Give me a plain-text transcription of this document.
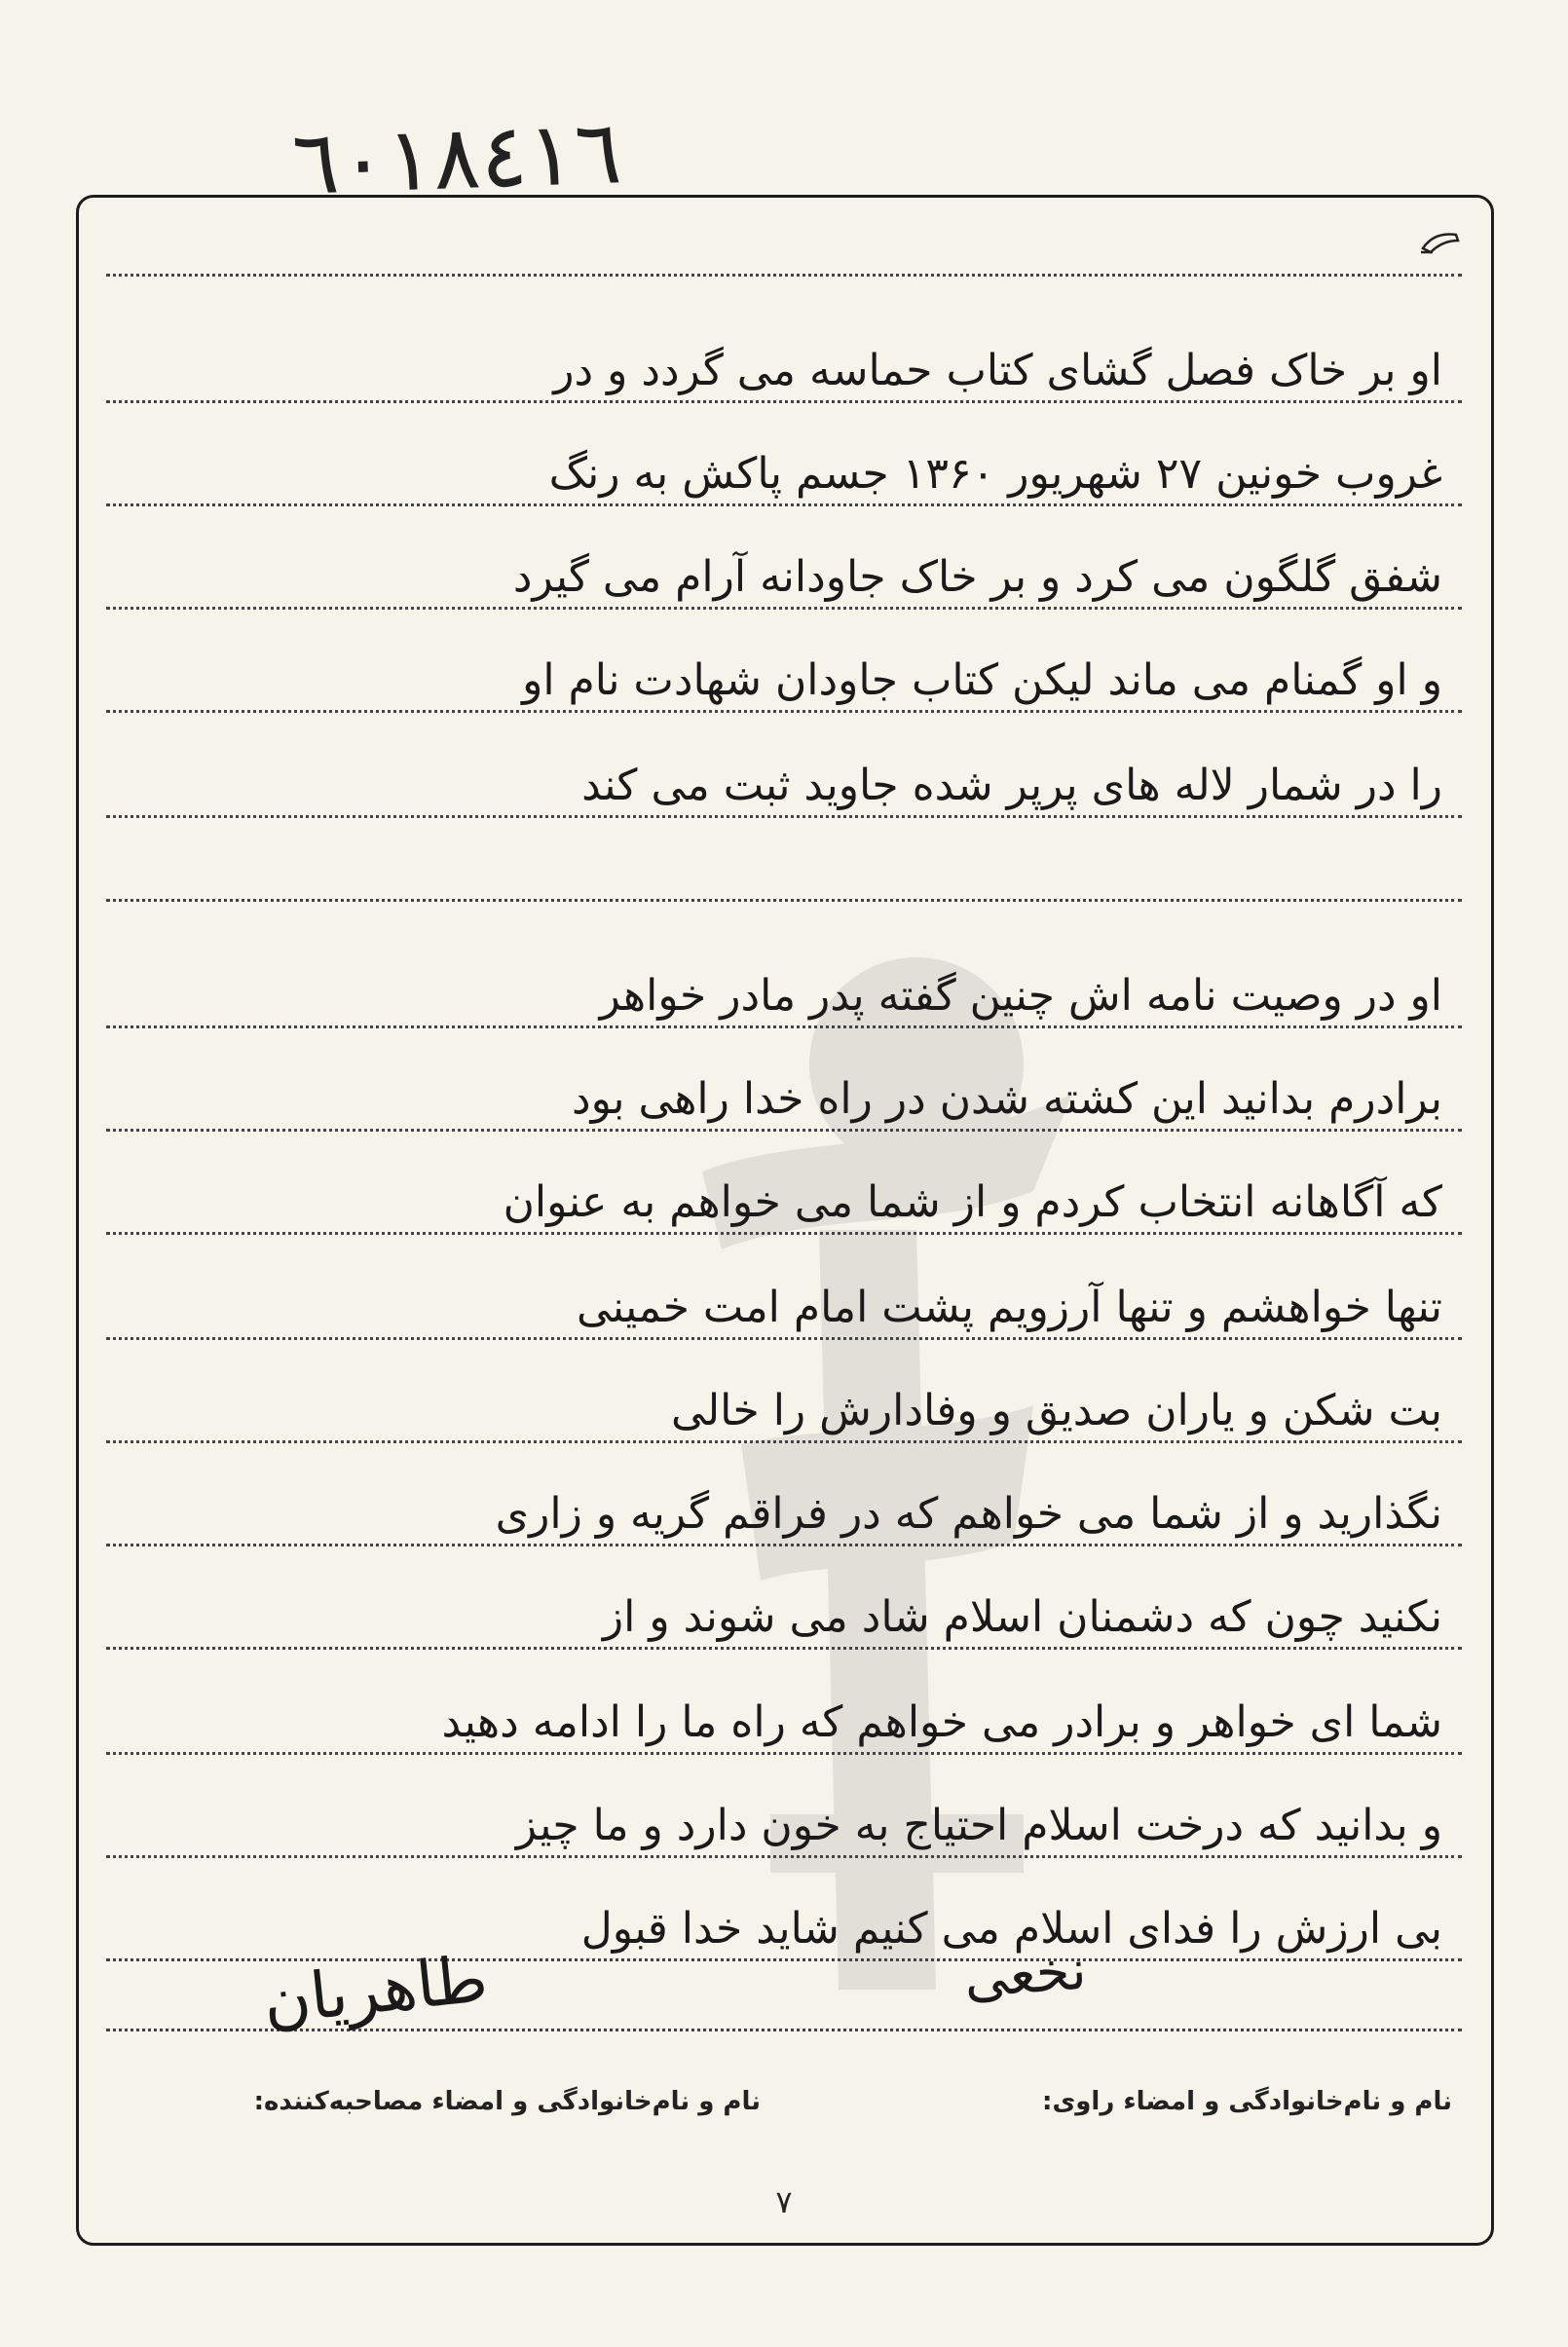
٦٠١٨٤١٦
او بر خاک فصل گشای کتاب حماسه می گردد و در
غروب خونین ۲۷ شهریور ۱۳۶۰ جسم پاکش به رنگ
شفق گلگون می کرد و بر خاک جاودانه آرام می گیرد
و او گمنام می ماند لیکن کتاب جاودان شهادت نام او
را در شمار لاله های پرپر شده جاوید ثبت می کند
او در وصیت نامه اش چنین گفته پدر مادر خواهر
برادرم بدانید این کشته شدن در راه خدا راهی بود
که آگاهانه انتخاب کردم و از شما می خواهم به عنوان
تنها خواهشم و تنها آرزویم پشت امام امت خمینی
بت شکن و یاران صدیق و وفادارش را خالی
نگذارید و از شما می خواهم که در فراقم گریه و زاری
نکنید چون که دشمنان اسلام شاد می شوند و از
شما ای خواهر و برادر می خواهم که راه ما را ادامه دهید
و بدانید که درخت اسلام احتیاج به خون دارد و ما چیز
بی ارزش را فدای اسلام می کنیم شاید خدا قبول
نام و نام‌خانوادگی و امضاء راوی:
نام و نام‌خانوادگی و امضاء مصاحبه‌کننده:
نخعی
طاهریان
٧
